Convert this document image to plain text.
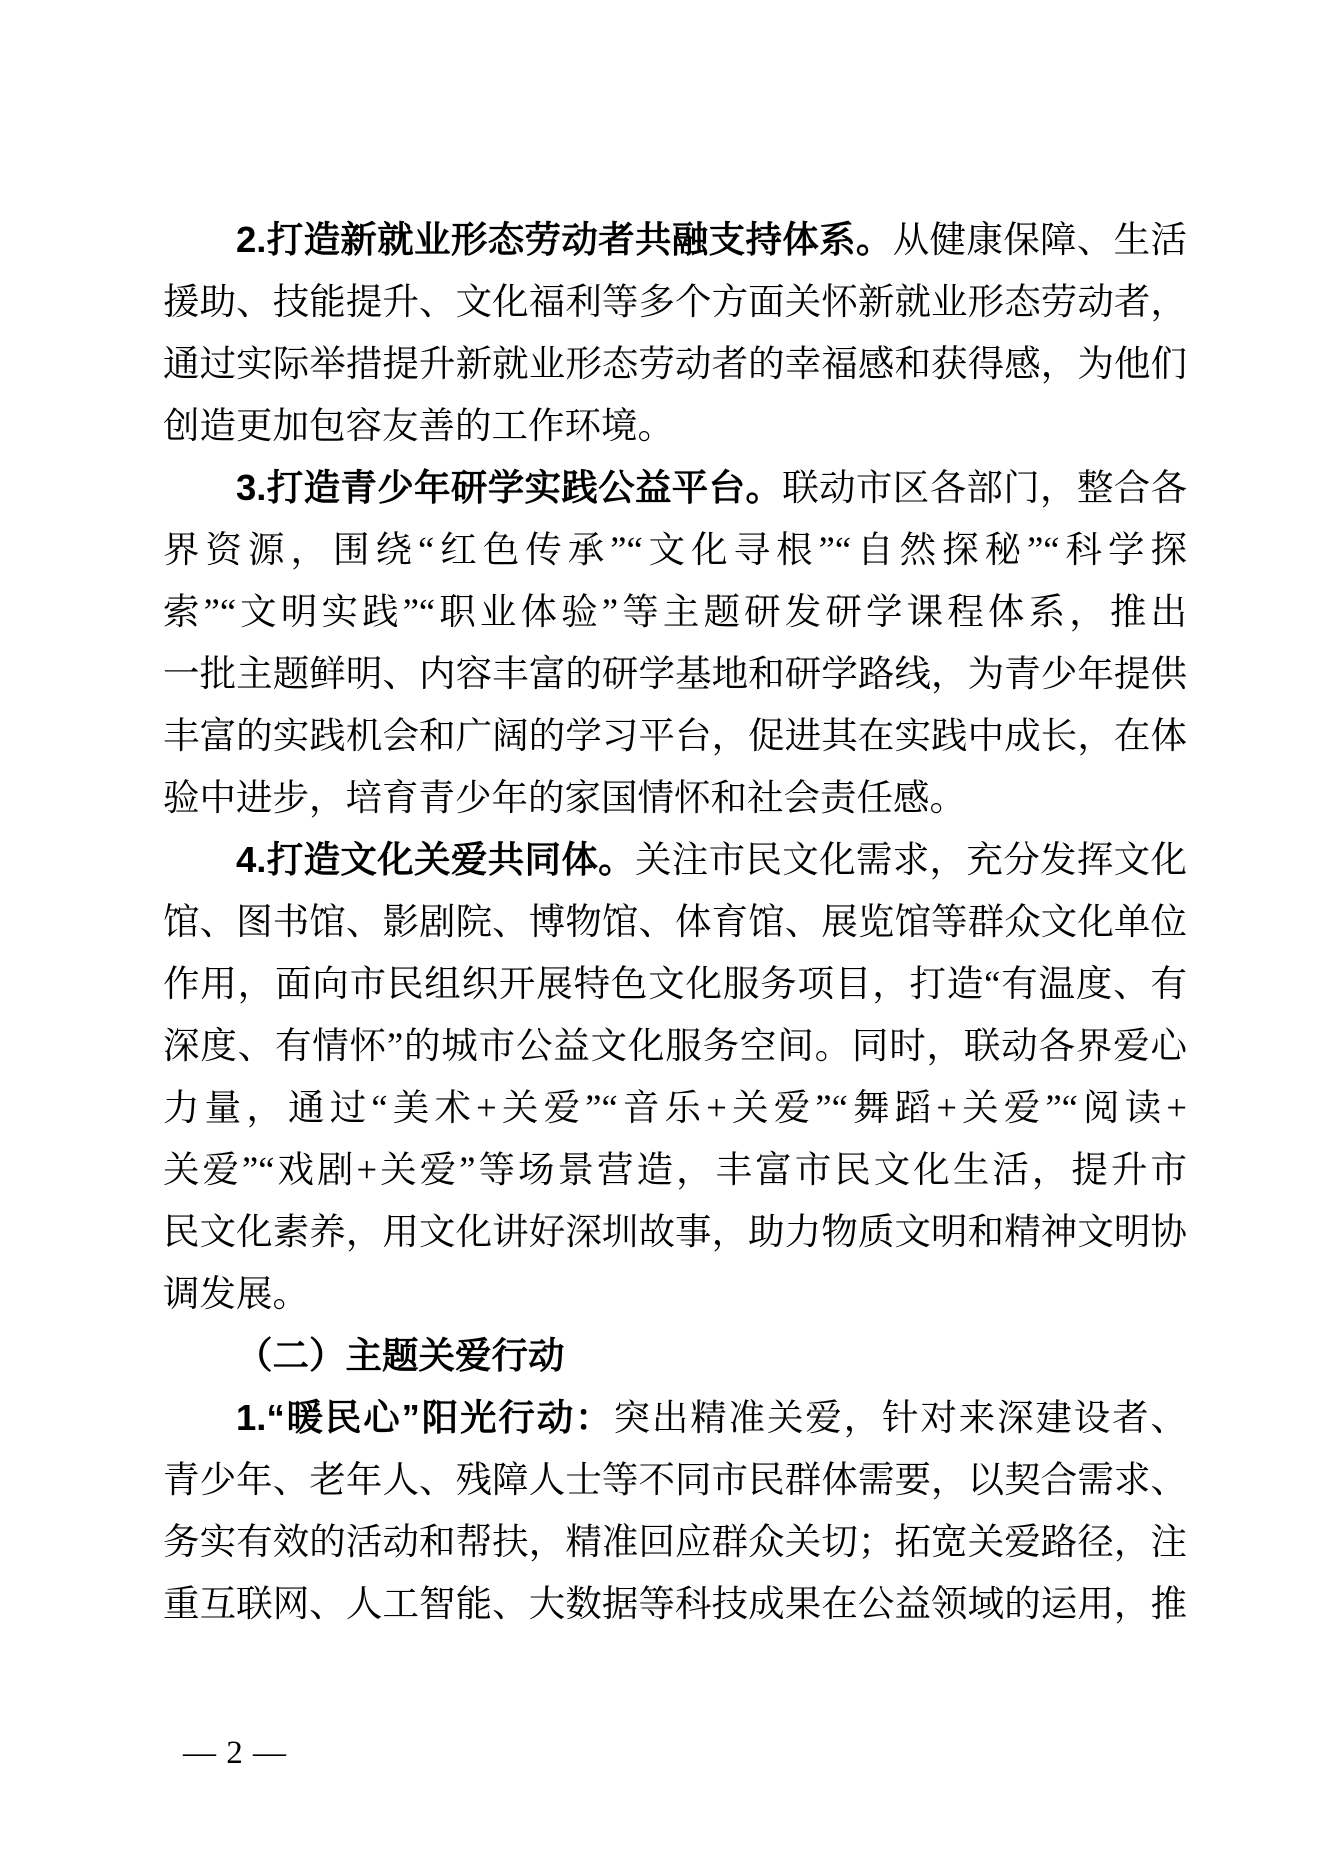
2.打造新就业形态劳动者共融支持体系。从健康保障、生活
援助、技能提升、文化福利等多个方面关怀新就业形态劳动者，
通过实际举措提升新就业形态劳动者的幸福感和获得感，为他们
创造更加包容友善的工作环境。
3.打造青少年研学实践公益平台。联动市区各部门，整合各
界资源，围绕“红色传承”“文化寻根”“自然探秘”“科学探
索”“文明实践”“职业体验”等主题研发研学课程体系，推出
一批主题鲜明、内容丰富的研学基地和研学路线，为青少年提供
丰富的实践机会和广阔的学习平台，促进其在实践中成长，在体
验中进步，培育青少年的家国情怀和社会责任感。
4.打造文化关爱共同体。关注市民文化需求，充分发挥文化
馆、图书馆、影剧院、博物馆、体育馆、展览馆等群众文化单位
作用，面向市民组织开展特色文化服务项目，打造“有温度、有
深度、有情怀”的城市公益文化服务空间。同时，联动各界爱心
力量，通过“美术+关爱”“音乐+关爱”“舞蹈+关爱”“阅读+
关爱”“戏剧+关爱”等场景营造，丰富市民文化生活，提升市
民文化素养，用文化讲好深圳故事，助力物质文明和精神文明协
调发展。
（二）主题关爱行动
1.“暖民心”阳光行动：突出精准关爱，针对来深建设者、
青少年、老年人、残障人士等不同市民群体需要，以契合需求、
务实有效的活动和帮扶，精准回应群众关切；拓宽关爱路径，注
重互联网、人工智能、大数据等科技成果在公益领域的运用，推
— 2 —
